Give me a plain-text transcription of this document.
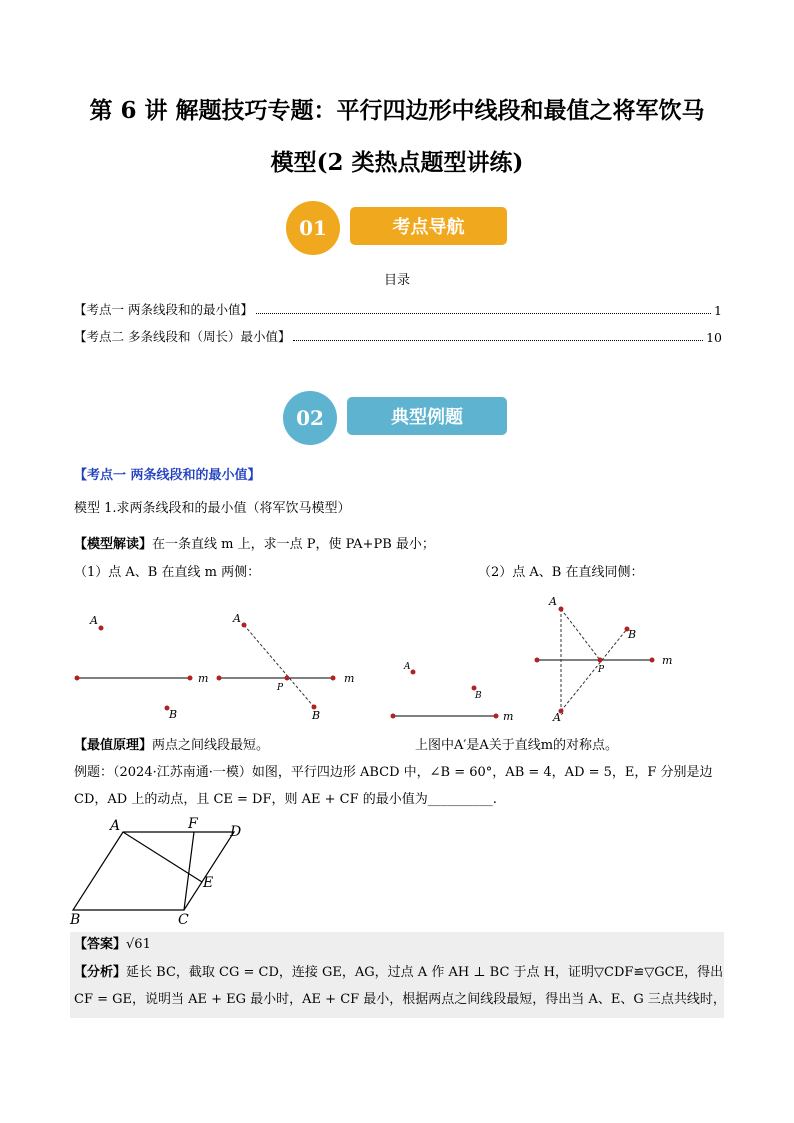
第 6 讲 解题技巧专题：平行四边形中线段和最值之将军饮马
模型(2 类热点题型讲练)
01	考点导航
目录
【考点一 两条线段和的最小值】	1
【考点二 多条线段和（周长）最小值】	10
02	典型例题
【考点一 两条线段和的最小值】
模型 1.求两条线段和的最小值（将军饮马模型）
【模型解读】在一条直线 m 上，求一点 P，使 PA+PB 最小；
（1）点 A、B 在直线 m 两侧：	（2）点 A、B 在直线同侧：
A
B
m
A
B
P
m
A
B
m
A
B
P
A′
m
【最值原理】两点之间线段最短。	上图中A′是A关于直线m的对称点。
例题：（2024·江苏南通·一模）如图，平行四边形 ABCD 中，∠B = 60°，AB = 4，AD = 5，E，F 分别是边
CD，AD 上的动点，且 CE = DF，则 AE + CF 的最小值为__________.
A	F D
E
B	C
【答案】√61
【分析】延长 BC，截取 CG = CD，连接 GE，AG，过点 A 作 AH ⊥ BC 于点 H，证明▽CDF≌▽GCE，得出
CF = GE，说明当 AE + EG 最小时，AE + CF 最小，根据两点之间线段最短，得出当 A、E、G 三点共线时，
